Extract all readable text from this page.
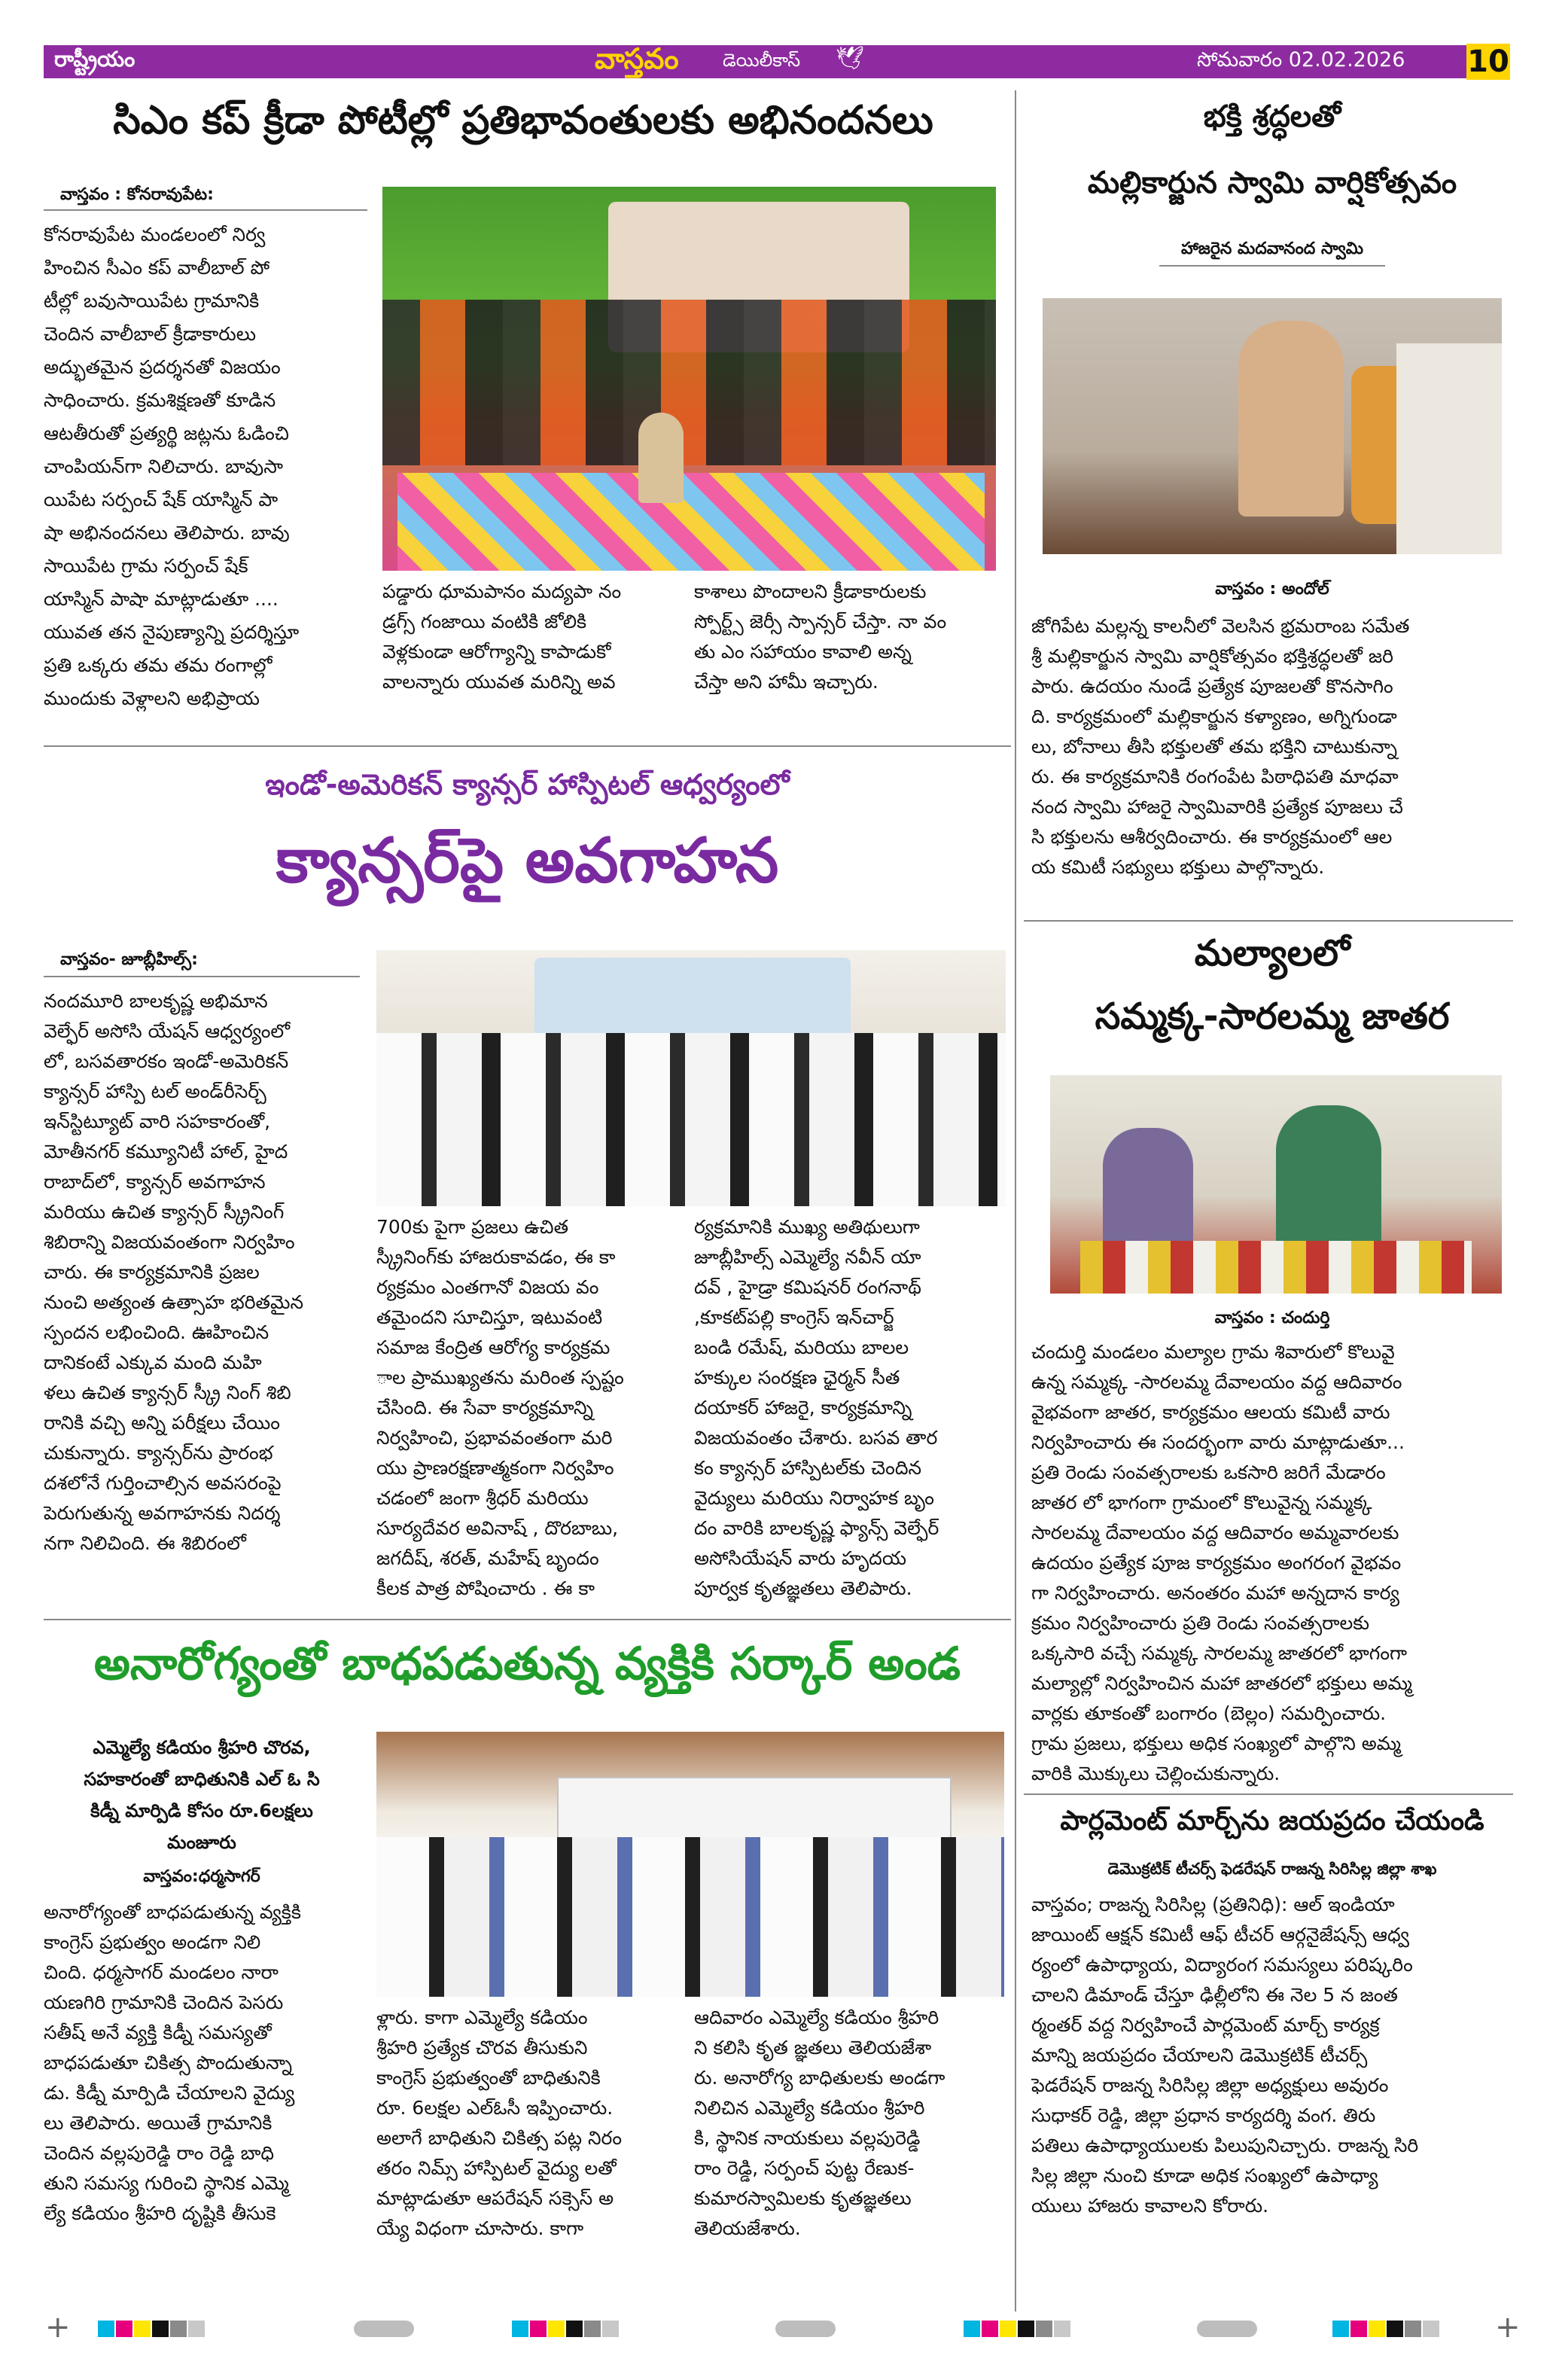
రాష్ట్రీయం	వాస్తవం డెయిలీకాస్ 🕊	సోమవారం 02.02.2026 10
సిఎం కప్ క్రీడా పోటీల్లో ప్రతిభావంతులకు అభినందనలు
వాస్తవం : కోనరావుపేట:
కోనరావుపేట మండలంలో నిర్వ
హించిన సీఎం కప్ వాలీబాల్ పో
టీల్లో బవుసాయిపేట గ్రామానికి
చెందిన వాలీబాల్ క్రీడాకారులు
అద్భుతమైన ప్రదర్శనతో విజయం
సాధించారు. క్రమశిక్షణతో కూడిన
ఆటతీరుతో ప్రత్యర్థి జట్లను ఓడించి
చాంపియన్‌గా నిలిచారు. బావుసా
యిపేట సర్పంచ్ షేక్ యాస్మిన్ పా
షా అభినందనలు తెలిపారు. బావు
సాయిపేట గ్రామ సర్పంచ్ షేక్
యాస్మిన్ పాషా మాట్లాడుతూ ....
యువత తన నైపుణ్యాన్ని ప్రదర్శిస్తూ
ప్రతి ఒక్కరు తమ తమ రంగాల్లో
ముందుకు వెళ్లాలని అభిప్రాయ
పడ్డారు ధూమపానం మద్యపా నం
డ్రగ్స్ గంజాయి వంటికి జోలికి
వెళ్లకుండా ఆరోగ్యాన్ని కాపాడుకో
వాలన్నారు యువత మరిన్ని అవ
కాశాలు పొందాలని క్రీడాకారులకు
స్పోర్ట్స్ జెర్సీ స్పాన్సర్ చేస్తా. నా వం
తు ఎం సహాయం కావాలి అన్న
చేస్తా అని హామీ ఇచ్చారు.
భక్తి శ్రద్ధలతో
మల్లికార్జున స్వామి వార్షికోత్సవం
హాజరైన మదవానంద స్వామి
వాస్తవం : అందోల్
జోగిపేట మల్లన్న కాలనీలో వెలసిన భ్రమరాంబ సమేత
శ్రీ మల్లికార్జున స్వామి వార్షికోత్సవం భక్తిశ్రద్ధలతో జరి
పారు. ఉదయం నుండే ప్రత్యేక పూజలతో కొనసాగిం
ది. కార్యక్రమంలో మల్లికార్జున కళ్యాణం, అగ్నిగుండా
లు, బోనాలు తీసి భక్తులతో తమ భక్తిని చాటుకున్నా
రు. ఈ కార్యక్రమానికి రంగంపేట పిఠాధిపతి మాధవా
నంద స్వామి హాజరై స్వామివారికి ప్రత్యేక పూజలు చే
సి భక్తులను ఆశీర్వదించారు. ఈ కార్యక్రమంలో ఆల
య కమిటీ సభ్యులు భక్తులు పాల్గొన్నారు.
ఇండో-అమెరికన్ క్యాన్సర్ హాస్పిటల్ ఆధ్వర్యంలో
క్యాన్సర్‌పై అవగాహన
వాస్తవం- జూబ్లీహిల్స్:
నందమూరి బాలకృష్ణ అభిమాన
వెల్ఫేర్ అసోసి యేషన్ ఆధ్వర్యంలో
లో, బసవతారకం ఇండో-అమెరికన్
క్యాన్సర్ హాస్పి టల్ అండ్‌రీసెర్చ్
ఇన్‌స్టిట్యూట్ వారి సహకారంతో,
మోతీనగర్ కమ్యూనిటీ హాల్, హైద
రాబాద్‌లో, క్యాన్సర్ అవగాహన
మరియు ఉచిత క్యాన్సర్ స్క్రీనింగ్
శిబిరాన్ని విజయవంతంగా నిర్వహిం
చారు. ఈ కార్యక్రమానికి ప్రజల
నుంచి అత్యంత ఉత్సాహ భరితమైన
స్పందన లభించింది. ఊహించిన
దానికంటే ఎక్కువ మంది మహి
ళలు ఉచిత క్యాన్సర్ స్క్రీ నింగ్ శిబి
రానికి వచ్చి అన్ని పరీక్షలు చేయిం
చుకున్నారు. క్యాన్సర్‌ను ప్రారంభ
దశలోనే గుర్తించాల్సిన అవసరంపై
పెరుగుతున్న అవగాహనకు నిదర్శ
నగా నిలిచింది. ఈ శిబిరంలో
700కు పైగా ప్రజలు ఉచిత
స్క్రీనింగ్‌కు హాజరుకావడం, ఈ కా
ర్యక్రమం ఎంతగానో విజయ వం
తమైందని సూచిస్తూ, ఇటువంటి
సమాజ కేంద్రిత ఆరోగ్య కార్యక్రమ
ాల ప్రాముఖ్యతను మరింత స్పష్టం
చేసింది. ఈ సేవా కార్యక్రమాన్ని
నిర్వహించి, ప్రభావవంతంగా మరి
యు ప్రాణరక్షణాత్మకంగా నిర్వహిం
చడంలో జంగా శ్రీధర్ మరియు
సూర్యదేవర అవినాష్ , దొరబాబు,
జగదీష్, శరత్, మహేష్ బృందం
కీలక పాత్ర పోషించారు . ఈ కా
ర్యక్రమానికి ముఖ్య అతిథులుగా
జూబ్లీహిల్స్ ఎమ్మెల్యే నవీన్ యా
దవ్ , హైడ్రా కమిషనర్ రంగనాథ్
,కూకట్‌పల్లి కాంగ్రెస్ ఇన్‌చార్జ్
బండి రమేష్, మరియు బాలల
హక్కుల సంరక్షణ ఛైర్మన్ సీత
దయాకర్ హాజరై, కార్యక్రమాన్ని
విజయవంతం చేశారు. బసవ తార
కం క్యాన్సర్ హాస్పిటల్‌కు చెందిన
వైద్యులు మరియు నిర్వాహక బృం
దం వారికి బాలకృష్ణ ఫ్యాన్స్ వెల్ఫేర్
అసోసియేషన్ వారు హృదయ
పూర్వక కృతజ్ఞతలు తెలిపారు.
మల్యాలలో
సమ్మక్క-సారలమ్మ జాతర
వాస్తవం : చందుర్తి
చందుర్తి మండలం మల్యాల గ్రామ శివారులో కొలువై
ఉన్న సమ్మక్క -సారలమ్మ దేవాలయం వద్ద ఆదివారం
వైభవంగా జాతర, కార్యక్రమం ఆలయ కమిటీ వారు
నిర్వహించారు ఈ సందర్భంగా వారు మాట్లాడుతూ...
ప్రతి రెండు సంవత్సరాలకు ఒకసారి జరిగే మేడారం
జాతర లో భాగంగా గ్రామంలో కొలువైన్న సమ్మక్క
సారలమ్మ దేవాలయం వద్ద ఆదివారం అమ్మవారలకు
ఉదయం ప్రత్యేక పూజ కార్యక్రమం అంగరంగ వైభవం
గా నిర్వహించారు. అనంతరం మహా అన్నదాన కార్య
క్రమం నిర్వహించారు ప్రతి రెండు సంవత్సరాలకు
ఒక్కసారి వచ్చే సమ్మక్క సారలమ్మ జాతరలో భాగంగా
మల్యాల్లో నిర్వహించిన మహా జాతరలో భక్తులు అమ్మ
వార్లకు తూకంతో బంగారం (బెల్లం) సమర్పించారు.
గ్రామ ప్రజలు, భక్తులు అధిక సంఖ్యలో పాల్గొని అమ్మ
వారికి మొక్కులు చెల్లించుకున్నారు.
అనారోగ్యంతో బాధపడుతున్న వ్యక్తికి సర్కార్ అండ
ఎమ్మెల్యే కడియం శ్రీహరి చొరవ,
సహకారంతో బాధితునికి ఎల్ ఓ సి
కిడ్నీ మార్పిడి కోసం రూ.6లక్షలు
మంజూరు
వాస్తవం:ధర్మసాగర్
అనారోగ్యంతో బాధపడుతున్న వ్యక్తికి
కాంగ్రెస్ ప్రభుత్వం అండగా నిలి
చింది. ధర్మసాగర్ మండలం నారా
యణగిరి గ్రామానికి చెందిన పెసరు
సతీష్ అనే వ్యక్తి కిడ్నీ సమస్యతో
బాధపడుతూ చికిత్స పొందుతున్నా
డు. కిడ్నీ మార్పిడి చేయాలని వైద్యు
లు తెలిపారు. అయితే గ్రామానికి
చెందిన వల్లపురెడ్డి రాం రెడ్డి బాధి
తుని సమస్య గురించి స్థానిక ఎమ్మె
ల్యే కడియం శ్రీహరి దృష్టికి తీసుకె
ళ్లారు. కాగా ఎమ్మెల్యే కడియం
శ్రీహరి ప్రత్యేక చొరవ తీసుకుని
కాంగ్రెస్ ప్రభుత్వంతో బాధితునికి
రూ. 6లక్షల ఎల్ఓసీ ఇప్పించారు.
అలాగే బాధితుని చికిత్స పట్ల నిరం
తరం నిమ్స్ హాస్పిటల్ వైద్యు లతో
మాట్లాడుతూ ఆపరేషన్ సక్సెస్ అ
య్యే విధంగా చూసారు. కాగా
ఆదివారం ఎమ్మెల్యే కడియం శ్రీహరి
ని కలిసి కృత జ్ఞతలు తెలియజేశా
రు. అనారోగ్య బాధితులకు అండగా
నిలిచిన ఎమ్మెల్యే కడియం శ్రీహరి
కి, స్థానిక నాయకులు వల్లపురెడ్డి
రాం రెడ్డి, సర్పంచ్ పుట్ట రేణుక-
కుమారస్వామిలకు కృతజ్ఞతలు
తెలియజేశారు.
పార్లమెంట్ మార్చ్‌ను జయప్రదం చేయండి
డెమొక్రటిక్ టీచర్స్ ఫెడరేషన్ రాజన్న సిరిసిల్ల జిల్లా శాఖ
వాస్తవం; రాజన్న సిరిసిల్ల (ప్రతినిధి): ఆల్ ఇండియా
జాయింట్ ఆక్షన్ కమిటీ ఆఫ్ టీచర్ ఆర్గనైజేషన్స్ ఆధ్వ
ర్యంలో ఉపాధ్యాయ, విద్యారంగ సమస్యలు పరిష్కరిం
చాలని డిమాండ్ చేస్తూ ఢిల్లీలోని ఈ నెల 5 న జంత
ర్మంతర్ వద్ద నిర్వహించే పార్లమెంట్ మార్చ్ కార్యక్ర
మాన్ని జయప్రదం చేయాలని డెమొక్రటిక్ టీచర్స్
ఫెడరేషన్ రాజన్న సిరిసిల్ల జిల్లా అధ్యక్షులు అవురం
సుధాకర్ రెడ్డి, జిల్లా ప్రధాన కార్యదర్శి వంగ. తిరు
పతిలు ఉపాధ్యాయులకు పిలుపునిచ్చారు. రాజన్న సిరి
సిల్ల జిల్లా నుంచి కూడా అధిక సంఖ్యలో ఉపాధ్యా
యులు హాజరు కావాలని కోరారు.
+	+
